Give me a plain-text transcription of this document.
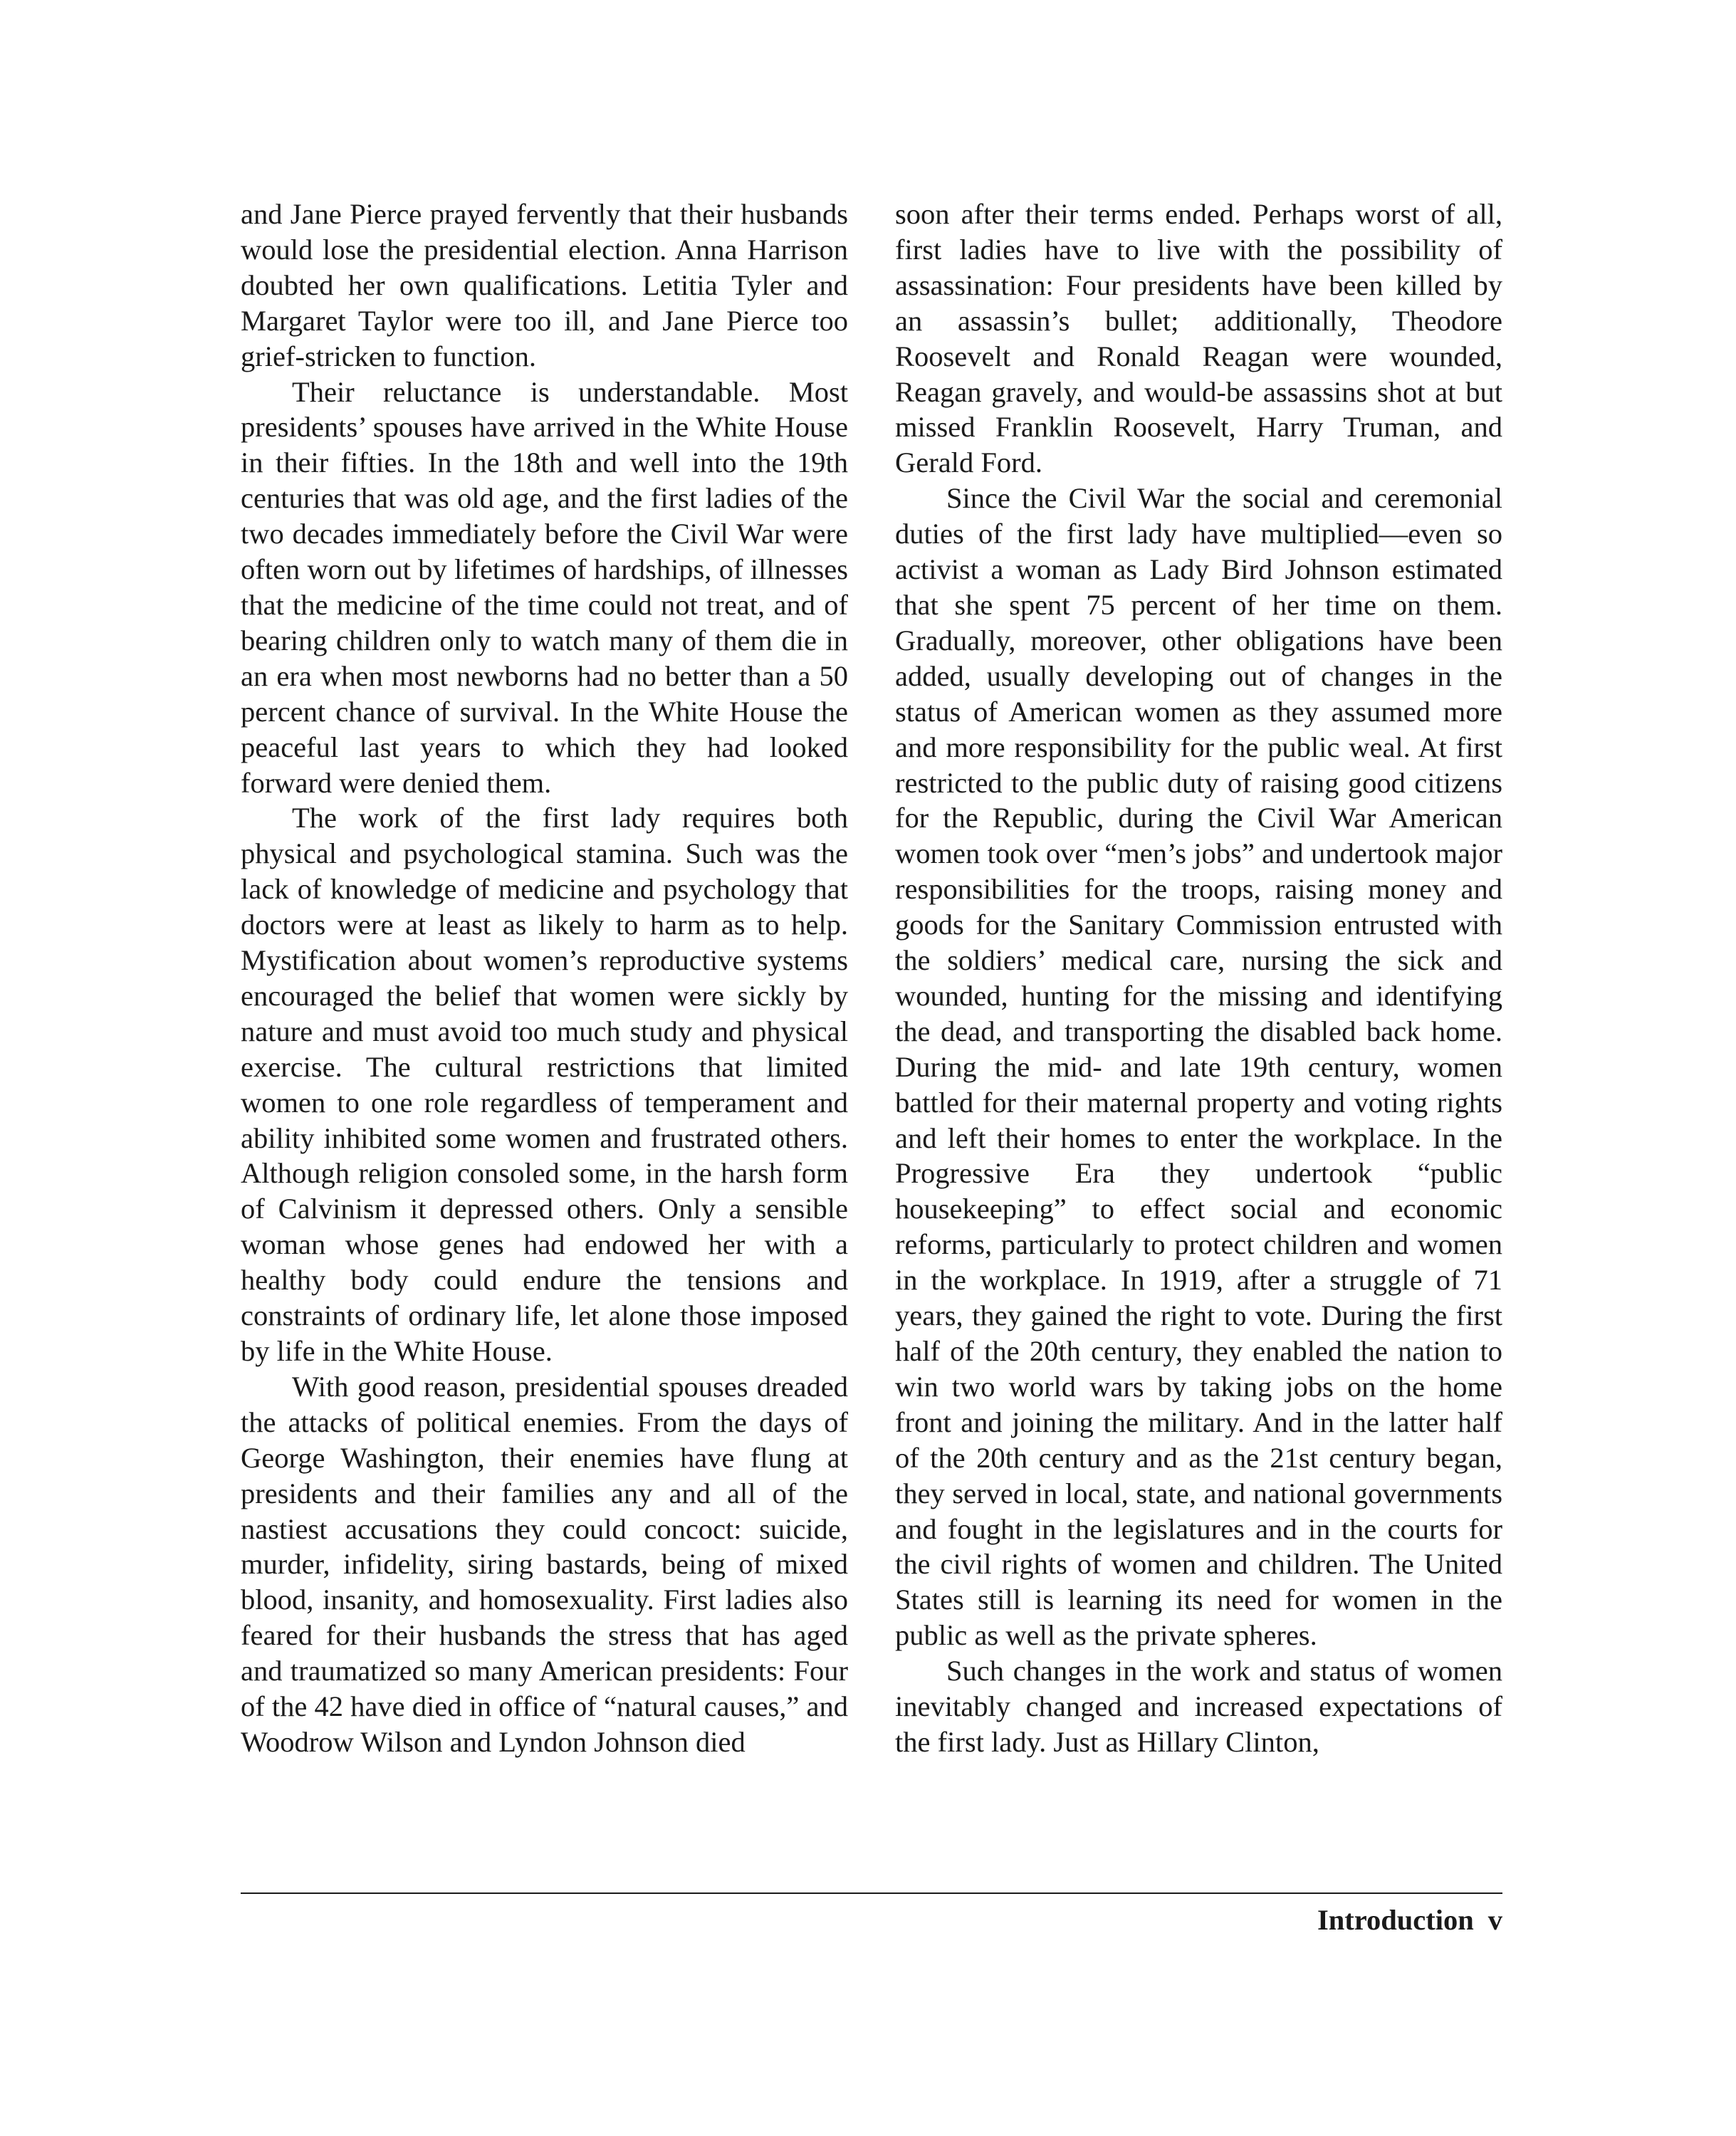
and Jane Pierce prayed fervently that their husbands would lose the presidential election. Anna Harrison doubted her own qualifications. Letitia Tyler and Margaret Taylor were too ill, and Jane Pierce too grief-stricken to function.

Their reluctance is understandable. Most presidents’ spouses have arrived in the White House in their fifties. In the 18th and well into the 19th centuries that was old age, and the first ladies of the two decades immediately before the Civil War were often worn out by lifetimes of hardships, of illnesses that the medicine of the time could not treat, and of bearing children only to watch many of them die in an era when most newborns had no better than a 50 percent chance of survival. In the White House the peaceful last years to which they had looked forward were denied them.

The work of the first lady requires both physical and psychological stamina. Such was the lack of knowledge of medicine and psychology that doctors were at least as likely to harm as to help. Mystification about women’s reproductive systems encouraged the belief that women were sickly by nature and must avoid too much study and physical exercise. The cultural restrictions that limited women to one role regardless of temperament and ability inhibited some women and frustrated others. Although religion consoled some, in the harsh form of Calvinism it depressed others. Only a sensible woman whose genes had endowed her with a healthy body could endure the tensions and constraints of ordinary life, let alone those imposed by life in the White House.

With good reason, presidential spouses dreaded the attacks of political enemies. From the days of George Washington, their enemies have flung at presidents and their families any and all of the nastiest accusations they could concoct: suicide, murder, infidelity, siring bastards, being of mixed blood, insanity, and homosexuality. First ladies also feared for their husbands the stress that has aged and traumatized so many American presidents: Four of the 42 have died in office of “natural causes,” and Woodrow Wilson and Lyndon Johnson died

soon after their terms ended. Perhaps worst of all, first ladies have to live with the possibility of assassination: Four presidents have been killed by an assassin’s bullet; additionally, Theodore Roosevelt and Ronald Reagan were wounded, Reagan gravely, and would-be assassins shot at but missed Franklin Roosevelt, Harry Truman, and Gerald Ford.

Since the Civil War the social and ceremonial duties of the first lady have multiplied—even so activist a woman as Lady Bird Johnson estimated that she spent 75 percent of her time on them. Gradually, moreover, other obligations have been added, usually developing out of changes in the status of American women as they assumed more and more responsibility for the public weal. At first restricted to the public duty of raising good citizens for the Republic, during the Civil War American women took over “men’s jobs” and undertook major responsibilities for the troops, raising money and goods for the Sanitary Commission entrusted with the soldiers’ medical care, nursing the sick and wounded, hunting for the missing and identifying the dead, and transporting the disabled back home. During the mid- and late 19th century, women battled for their maternal property and voting rights and left their homes to enter the workplace. In the Progressive Era they undertook “public housekeeping” to effect social and economic reforms, particularly to protect children and women in the workplace. In 1919, after a struggle of 71 years, they gained the right to vote. During the first half of the 20th century, they enabled the nation to win two world wars by taking jobs on the home front and joining the military. And in the latter half of the 20th century and as the 21st century began, they served in local, state, and national governments and fought in the legislatures and in the courts for the civil rights of women and children. The United States still is learning its need for women in the public as well as the private spheres.

Such changes in the work and status of women inevitably changed and increased expectations of the first lady. Just as Hillary Clinton,

Introduction v
